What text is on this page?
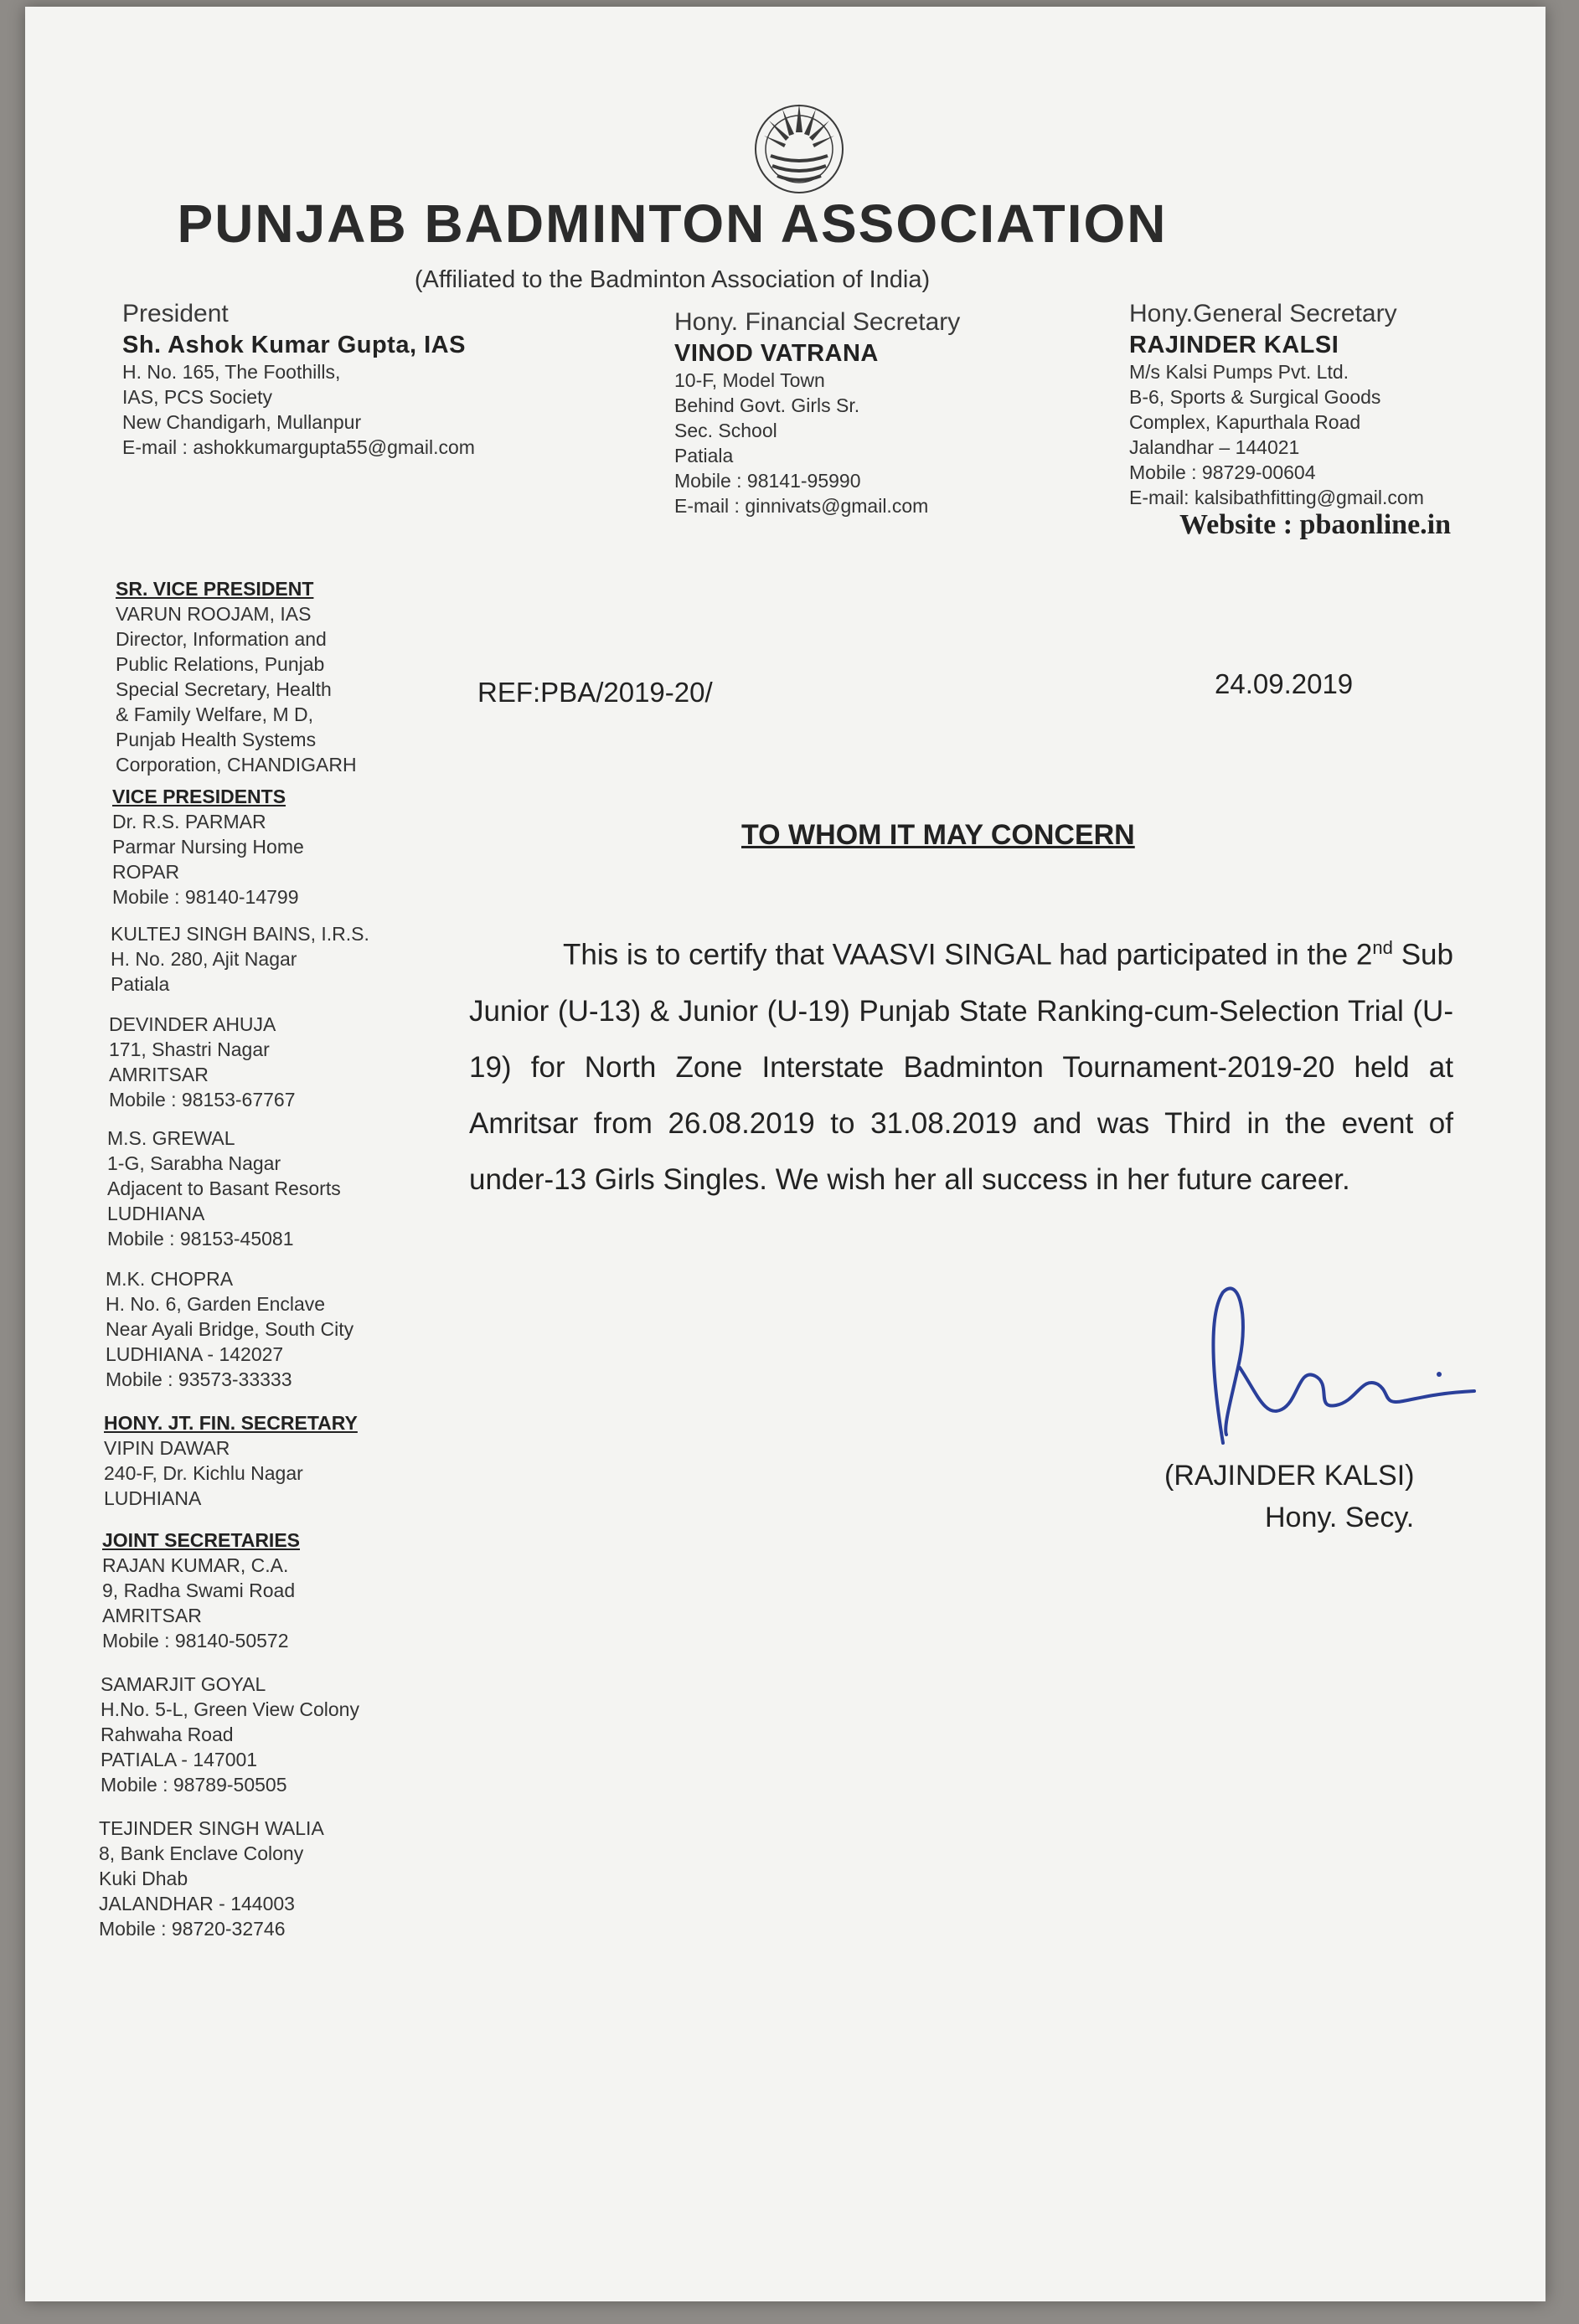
PUNJAB BADMINTON ASSOCIATION
(Affiliated to the Badminton Association of India)
President
Sh. Ashok Kumar Gupta, IAS
H. No. 165, The Foothills,
IAS, PCS Society
New Chandigarh, Mullanpur
E-mail : ashokkumargupta55@gmail.com
Hony. Financial Secretary
VINOD VATRANA
10-F, Model Town
Behind Govt. Girls Sr.
Sec. School
Patiala
Mobile : 98141-95990
E-mail : ginnivats@gmail.com
Hony.General Secretary
RAJINDER KALSI
M/s Kalsi Pumps Pvt. Ltd.
B-6, Sports & Surgical Goods
Complex, Kapurthala Road
Jalandhar – 144021
Mobile : 98729-00604
E-mail: kalsibathfitting@gmail.com
Website : pbaonline.in
SR. VICE PRESIDENT
VARUN ROOJAM, IAS
Director, Information and
Public Relations, Punjab
Special Secretary, Health
& Family Welfare, M D,
Punjab Health Systems
Corporation, CHANDIGARH
VICE PRESIDENTS
Dr. R.S. PARMAR
Parmar Nursing Home
ROPAR
Mobile : 98140-14799
KULTEJ SINGH BAINS, I.R.S.
H. No. 280, Ajit Nagar
Patiala
DEVINDER AHUJA
171, Shastri Nagar
AMRITSAR
Mobile : 98153-67767
M.S. GREWAL
1-G, Sarabha Nagar
Adjacent to Basant Resorts
LUDHIANA
Mobile : 98153-45081
M.K. CHOPRA
H. No. 6, Garden Enclave
Near Ayali Bridge, South City
LUDHIANA - 142027
Mobile : 93573-33333
HONY. JT. FIN. SECRETARY
VIPIN DAWAR
240-F, Dr. Kichlu Nagar
LUDHIANA
JOINT SECRETARIES
RAJAN KUMAR, C.A.
9, Radha Swami Road
AMRITSAR
Mobile : 98140-50572
SAMARJIT GOYAL
H.No. 5-L, Green View Colony
Rahwaha Road
PATIALA - 147001
Mobile : 98789-50505
TEJINDER SINGH WALIA
8, Bank Enclave Colony
Kuki Dhab
JALANDHAR - 144003
Mobile : 98720-32746
REF:PBA/2019-20/	24.09.2019
TO WHOM IT MAY CONCERN
This is to certify that VAASVI SINGAL had participated in the 2nd Sub Junior (U-13) & Junior (U-19) Punjab State Ranking-cum-Selection Trial (U-19) for North Zone Interstate Badminton Tournament-2019-20 held at Amritsar from 26.08.2019 to 31.08.2019 and was Third in the event of under-13 Girls Singles. We wish her all success in her future career.
(RAJINDER KALSI)
Hony. Secy.
